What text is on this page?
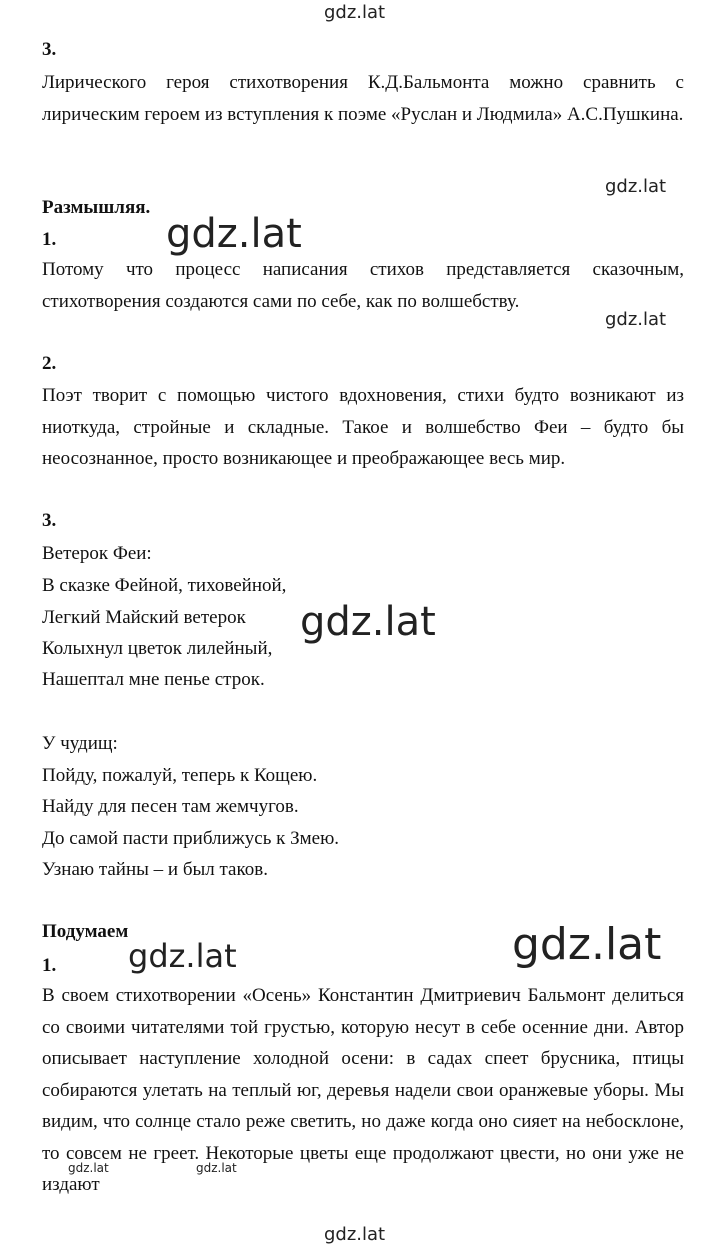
gdz.lat
gdz.lat
gdz.lat
gdz.lat
gdz.lat
gdz.lat
gdz.lat
gdz.lat	gdz.lat
gdz.lat
3.

Лирического героя стихотворения К.Д.Бальмонта можно сравнить с лирическим героем из вступления к поэме «Руслан и Людмила» А.С.Пушкина.

Размышляя.
1.

Потому что процесс написания стихов представляется сказочным, стихотворения создаются сами по себе, как по волшебству.

2.

Поэт творит с помощью чистого вдохновения, стихи будто возникают из ниоткуда, стройные и складные. Такое и волшебство Феи – будто бы неосознанное, просто возникающее и преображающее весь мир.

3.
Ветерок Феи:
В сказке Фейной, тиховейной,
Легкий Майский ветерок
Колыхнул цветок лилейный,
Нашептал мне пенье строк.
У чудищ:
Пойду, пожалуй, теперь к Кощею.
Найду для песен там жемчугов.
До самой пасти приближусь к Змею.
Узнаю тайны – и был таков.
Подумаем
1.

В своем стихотворении «Осень» Константин Дмитриевич Бальмонт делиться со своими читателями той грустью, которую несут в себе осенние дни. Автор описывает наступление холодной осени: в садах спеет брусника, птицы собираются улетать на теплый юг, деревья надели свои оранжевые уборы. Мы видим, что солнце стало реже светить, но даже когда оно сияет на небосклоне, то совсем не греет. Некоторые цветы еще продолжают цвести, но они уже не издают
